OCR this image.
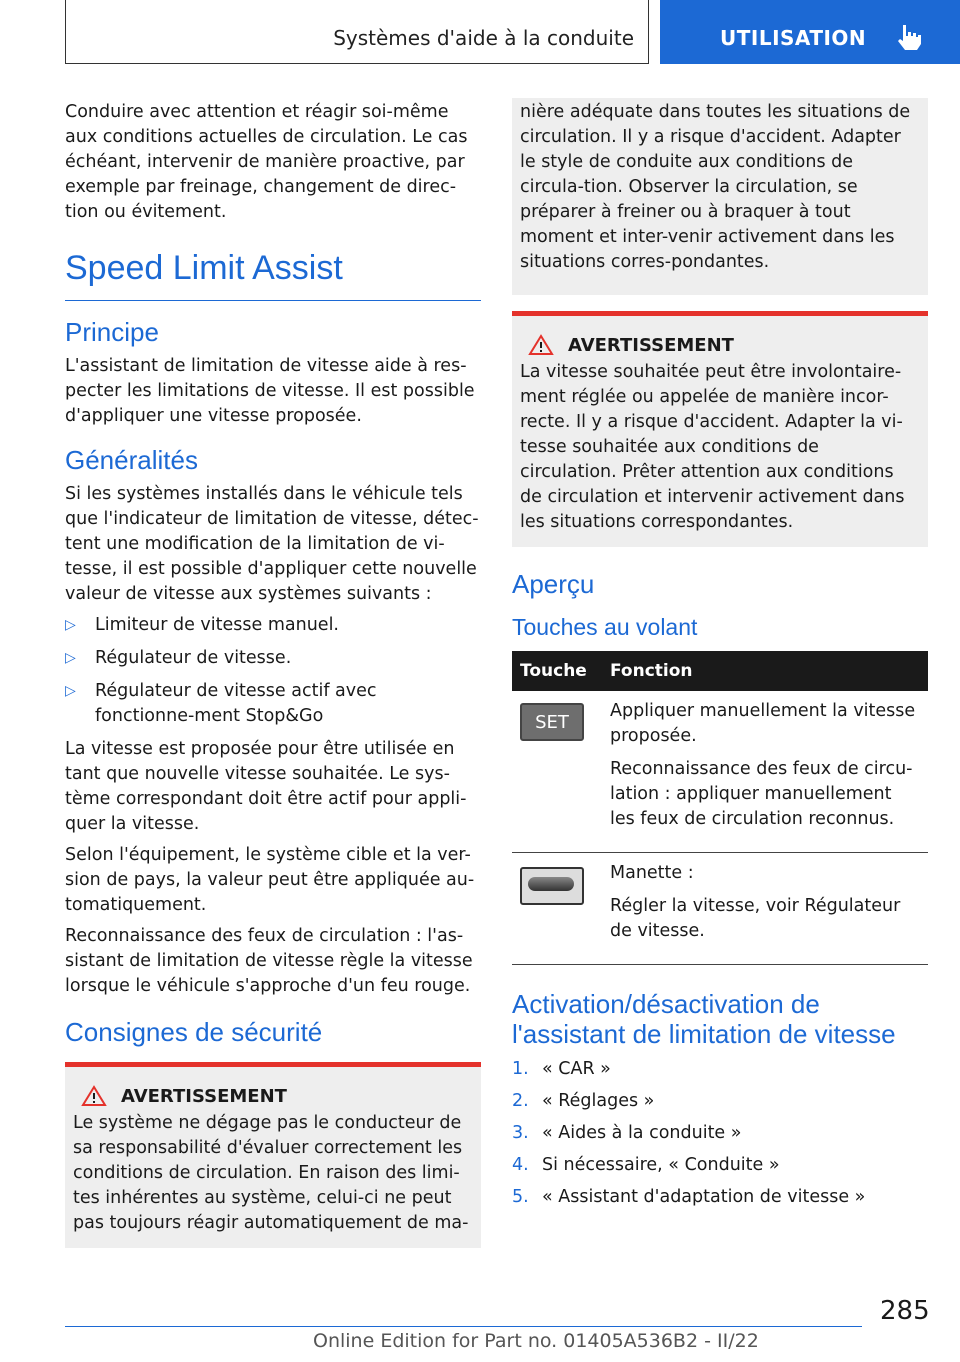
Systèmes d'aide à la conduite	UTILISATION

Conduire avec attention et réagir soi-même aux conditions actuelles de circulation. Le cas échéant, intervenir de manière proactive, par exemple par freinage, changement de direc-tion ou évitement.

Speed Limit Assist
Principe

L'assistant de limitation de vitesse aide à res-pecter les limitations de vitesse. Il est possible d'appliquer une vitesse proposée.

Généralités

Si les systèmes installés dans le véhicule tels que l'indicateur de limitation de vitesse, détec-tent une modification de la limitation de vi-tesse, il est possible d'appliquer cette nouvelle valeur de vitesse aux systèmes suivants :

▷ Limiteur de vitesse manuel.
▷ Régulateur de vitesse.
▷ Régulateur de vitesse actif avec fonctionne-ment Stop&Go

La vitesse est proposée pour être utilisée en tant que nouvelle vitesse souhaitée. Le sys-tème correspondant doit être actif pour appli-quer la vitesse.

Selon l'équipement, le système cible et la ver-sion de pays, la valeur peut être appliquée au-tomatiquement.

Reconnaissance des feux de circulation : l'as-sistant de limitation de vitesse règle la vitesse lorsque le véhicule s'approche d'un feu rouge.

Consignes de sécurité
AVERTISSEMENT

Le système ne dégage pas le conducteur de sa responsabilité d'évaluer correctement les conditions de circulation. En raison des limi-tes inhérentes au système, celui-ci ne peut pas toujours réagir automatiquement de ma-

nière adéquate dans toutes les situations de circulation. Il y a risque d'accident. Adapter le style de conduite aux conditions de circula-tion. Observer la circulation, se préparer à freiner ou à braquer à tout moment et inter-venir activement dans les situations corres-pondantes.

AVERTISSEMENT

La vitesse souhaitée peut être involontaire-ment réglée ou appelée de manière incor-recte. Il y a risque d'accident. Adapter la vi-tesse souhaitée aux conditions de circulation. Prêter attention aux conditions de circulation et intervenir activement dans les situations correspondantes.

Aperçu
Touches au volant
Touche	Fonction

SET	Appliquer manuellement la vitesse proposée.

Reconnaissance des feux de circu-lation : appliquer manuellement les feux de circulation reconnus.

	Manette :

Régler la vitesse, voir Régulateur de vitesse.

Activation/désactivation de l'assistant de limitation de vitesse
1. « CAR »
2. « Réglages »
3. « Aides à la conduite »
4. Si nécessaire, « Conduite »
5. « Assistant d'adaptation de vitesse »
285
Online Edition for Part no. 01405A536B2 - II/22
